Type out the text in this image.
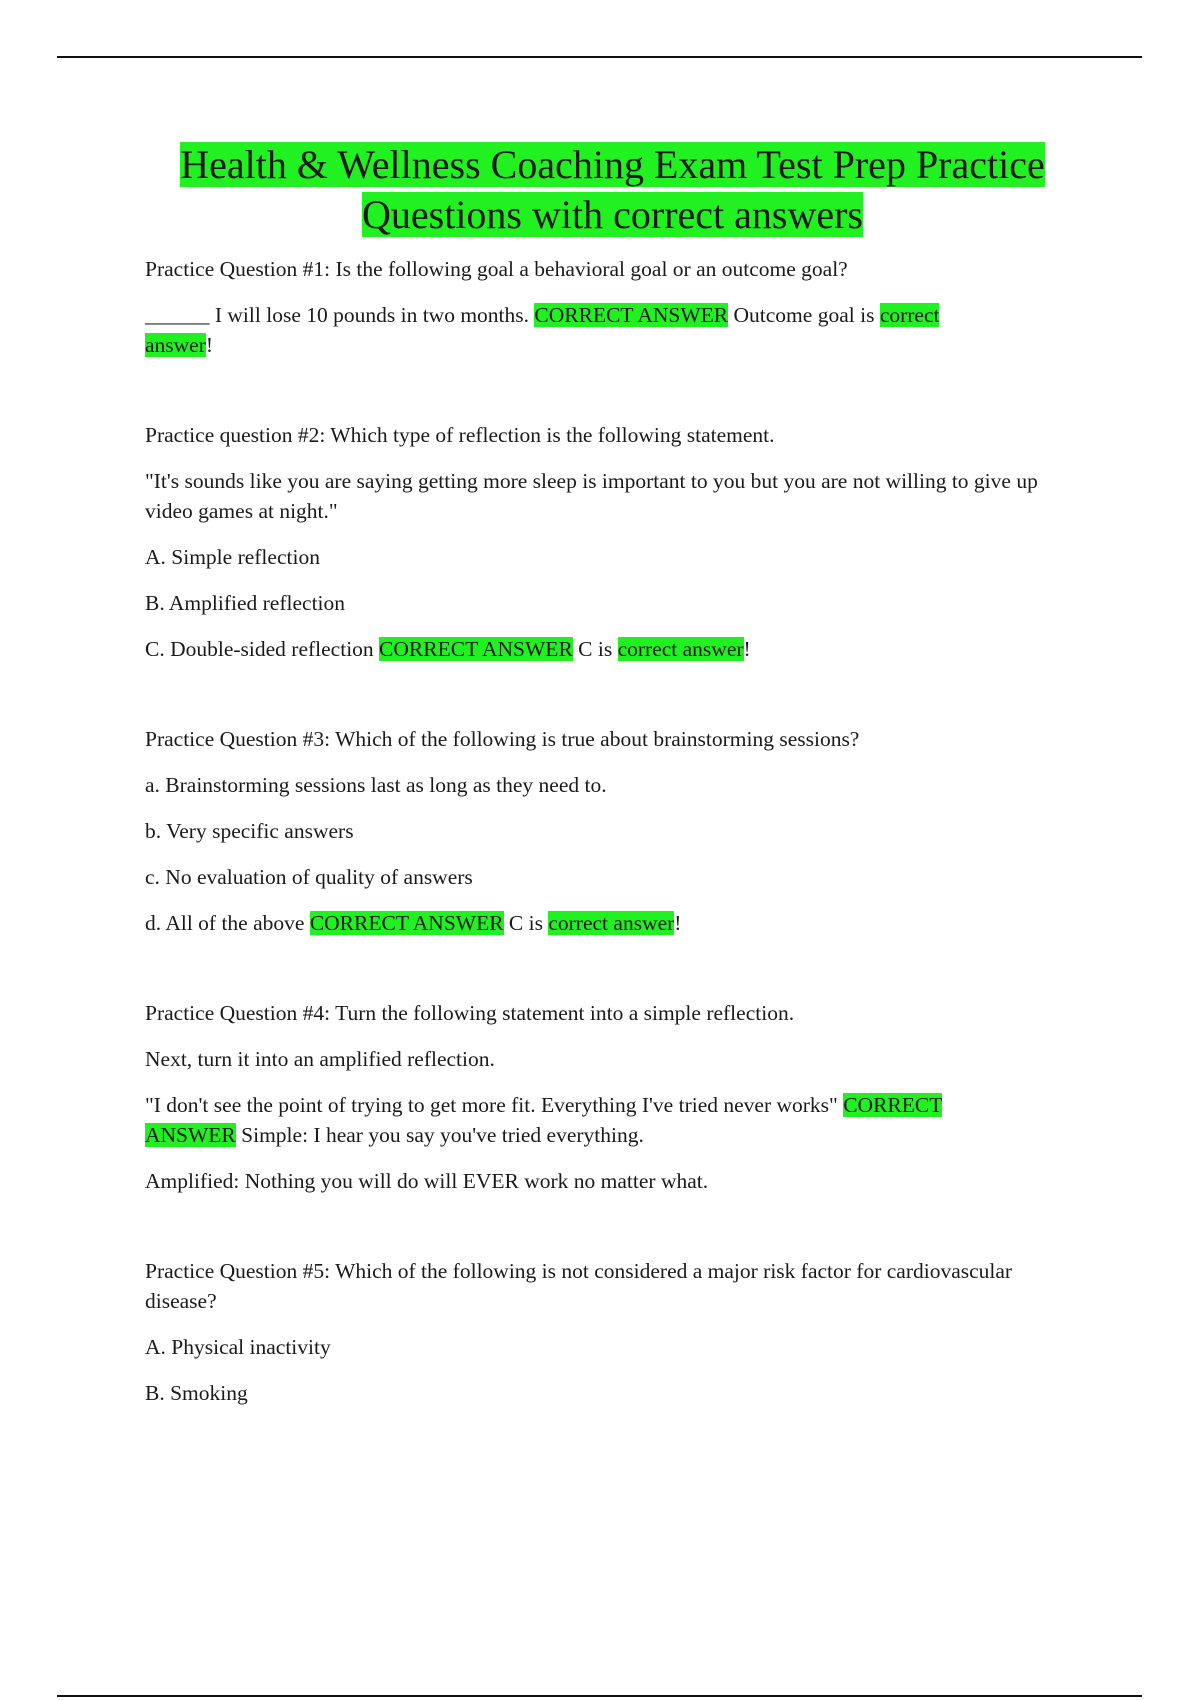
Health & Wellness Coaching Exam Test Prep Practice
Questions with correct answers

Practice Question #1: Is the following goal a behavioral goal or an outcome goal?

______ I will lose 10 pounds in two months. CORRECT ANSWER Outcome goal is correct
answer!

Practice question #2: Which type of reflection is the following statement.

"It's sounds like you are saying getting more sleep is important to you but you are not willing to give up video games at night."

A. Simple reflection

B. Amplified reflection

C. Double-sided reflection CORRECT ANSWER C is correct answer!

Practice Question #3: Which of the following is true about brainstorming sessions?

a. Brainstorming sessions last as long as they need to.

b. Very specific answers

c. No evaluation of quality of answers

d. All of the above CORRECT ANSWER C is correct answer!

Practice Question #4: Turn the following statement into a simple reflection.

Next, turn it into an amplified reflection.

"I don't see the point of trying to get more fit. Everything I've tried never works" CORRECT
ANSWER Simple: I hear you say you've tried everything.

Amplified: Nothing you will do will EVER work no matter what.

Practice Question #5: Which of the following is not considered a major risk factor for cardiovascular disease?

A. Physical inactivity

B. Smoking
